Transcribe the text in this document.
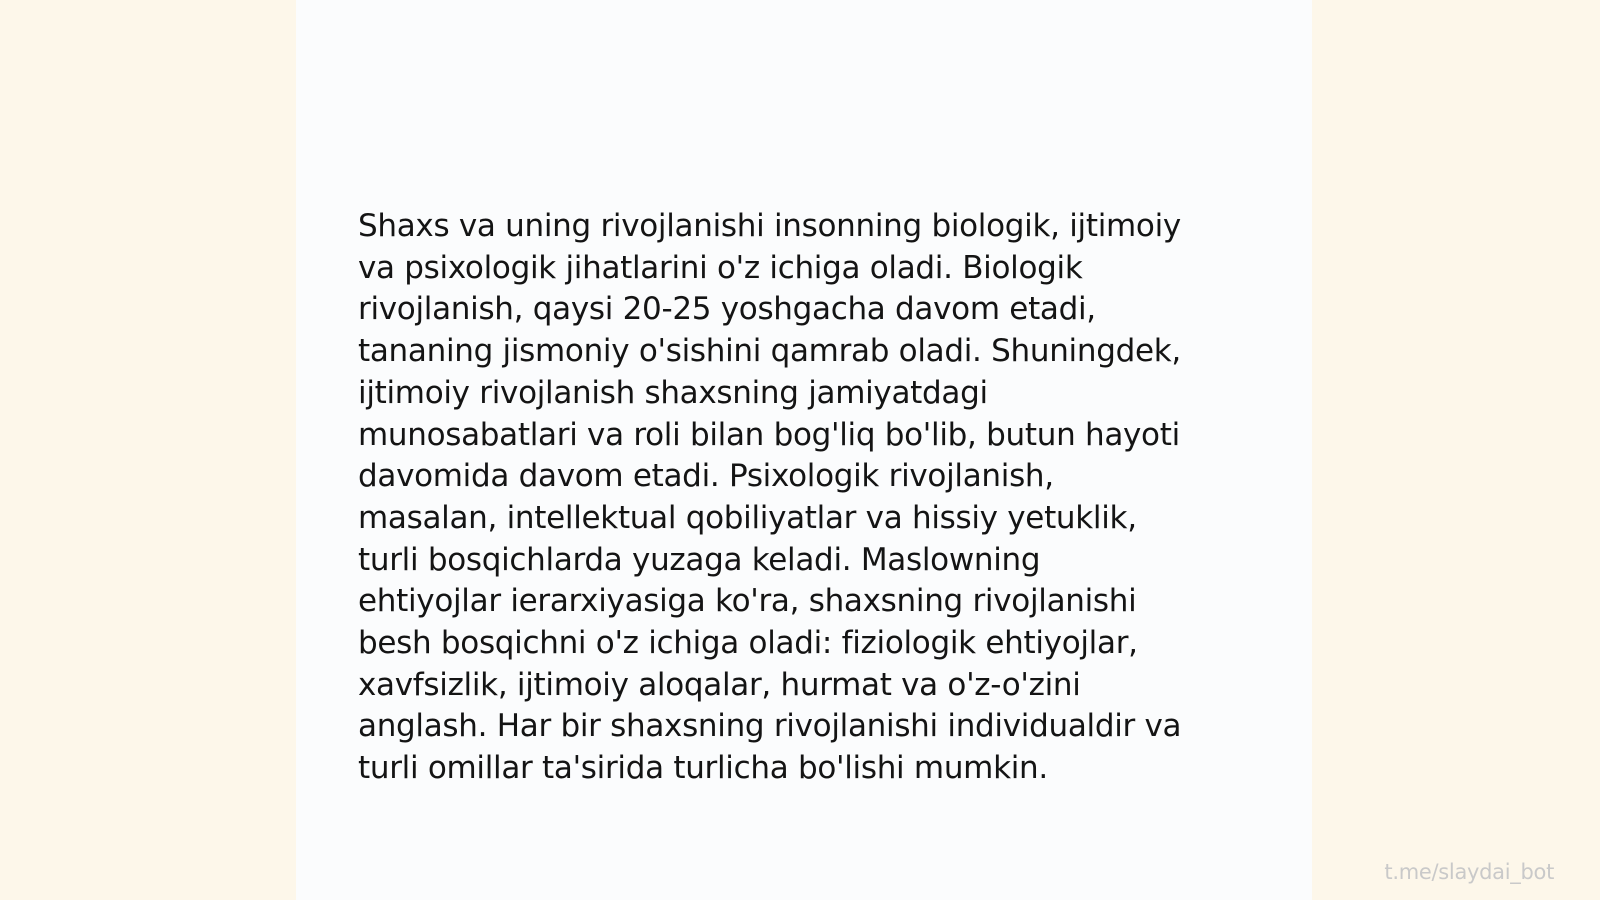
Shaxs va uning rivojlanishi insonning biologik, ijtimoiy
va psixologik jihatlarini o'z ichiga oladi. Biologik
rivojlanish, qaysi 20-25 yoshgacha davom etadi,
tananing jismoniy o'sishini qamrab oladi. Shuningdek,
ijtimoiy rivojlanish shaxsning jamiyatdagi
munosabatlari va roli bilan bog'liq bo'lib, butun hayoti
davomida davom etadi. Psixologik rivojlanish,
masalan, intellektual qobiliyatlar va hissiy yetuklik,
turli bosqichlarda yuzaga keladi. Maslowning
ehtiyojlar ierarxiyasiga ko'ra, shaxsning rivojlanishi
besh bosqichni o'z ichiga oladi: fiziologik ehtiyojlar,
xavfsizlik, ijtimoiy aloqalar, hurmat va o'z-o'zini
anglash. Har bir shaxsning rivojlanishi individualdir va
turli omillar ta'sirida turlicha bo'lishi mumkin.

t.me/slaydai_bot
